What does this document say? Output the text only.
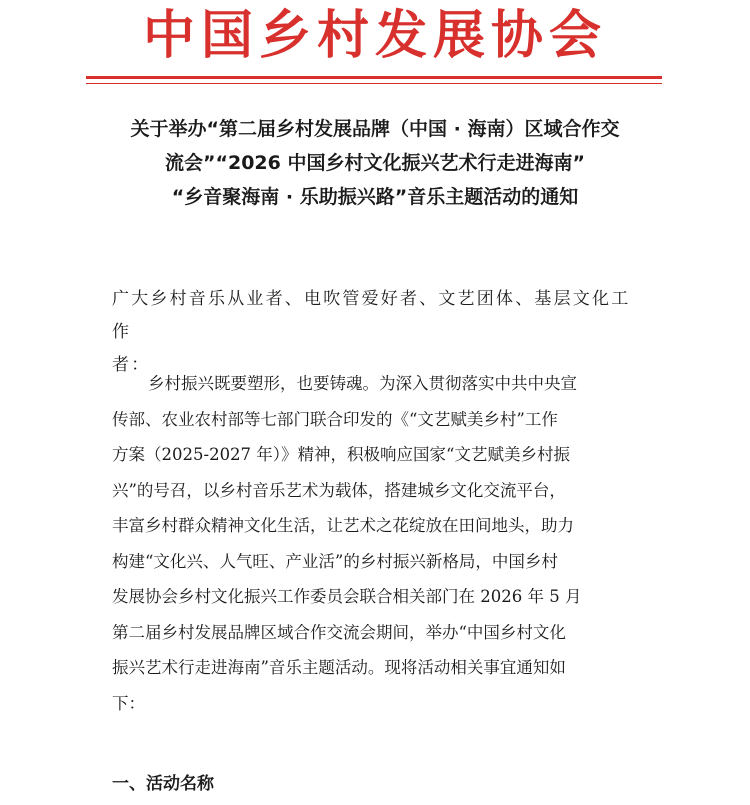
中国乡村发展协会
关于举办“第二届乡村发展品牌（中国 · 海南）区域合作交
流会”“2026 中国乡村文化振兴艺术行走进海南”
“乡音聚海南 · 乐助振兴路”音乐主题活动的通知
广大乡村音乐从业者、电吹管爱好者、文艺团体、基层文化工作
者：
乡村振兴既要塑形，也要铸魂。为深入贯彻落实中共中央宣
传部、农业农村部等七部门联合印发的《“文艺赋美乡村”工作
方案（2025-2027 年）》精神，积极响应国家“文艺赋美乡村振
兴”的号召，以乡村音乐艺术为载体，搭建城乡文化交流平台，
丰富乡村群众精神文化生活，让艺术之花绽放在田间地头，助力
构建“文化兴、人气旺、产业活”的乡村振兴新格局，中国乡村
发展协会乡村文化振兴工作委员会联合相关部门在 2026 年 5 月
第二届乡村发展品牌区域合作交流会期间，举办“中国乡村文化
振兴艺术行走进海南”音乐主题活动。现将活动相关事宜通知如
下：
一、活动名称
